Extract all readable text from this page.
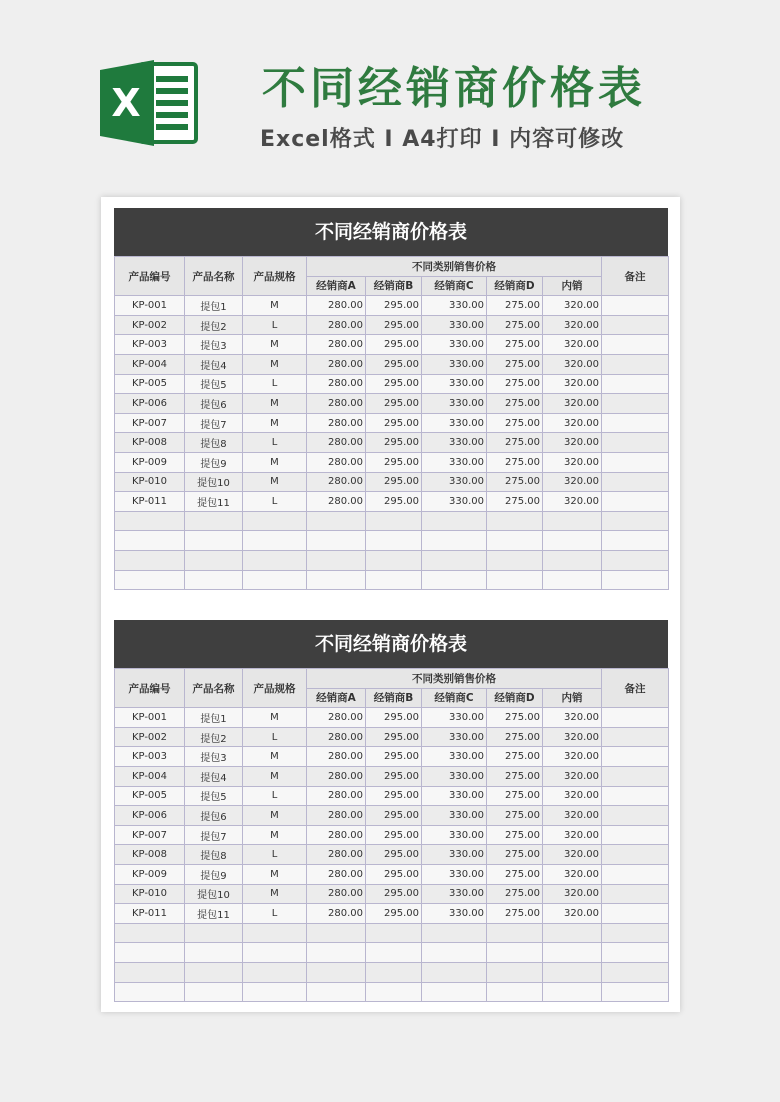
X	不同经销商价格表
Excel格式 I A4打印 I 内容可修改
不同经销商价格表
产品编号	产品名称	产品规格	不同类别销售价格					备注
			经销商A	经销商B	经销商C	经销商D	内销	
KP-001	提包1	M	280.00	295.00	330.00	275.00	320.00	
KP-002	提包2	L	280.00	295.00	330.00	275.00	320.00	
KP-003	提包3	M	280.00	295.00	330.00	275.00	320.00	
KP-004	提包4	M	280.00	295.00	330.00	275.00	320.00	
KP-005	提包5	L	280.00	295.00	330.00	275.00	320.00	
KP-006	提包6	M	280.00	295.00	330.00	275.00	320.00	
KP-007	提包7	M	280.00	295.00	330.00	275.00	320.00	
KP-008	提包8	L	280.00	295.00	330.00	275.00	320.00	
KP-009	提包9	M	280.00	295.00	330.00	275.00	320.00	
KP-010	提包10	M	280.00	295.00	330.00	275.00	320.00	
KP-011	提包11	L	280.00	295.00	330.00	275.00	320.00	

不同经销商价格表
产品编号	产品名称	产品规格	不同类别销售价格					备注
			经销商A	经销商B	经销商C	经销商D	内销	
KP-001	提包1	M	280.00	295.00	330.00	275.00	320.00	
KP-002	提包2	L	280.00	295.00	330.00	275.00	320.00	
KP-003	提包3	M	280.00	295.00	330.00	275.00	320.00	
KP-004	提包4	M	280.00	295.00	330.00	275.00	320.00	
KP-005	提包5	L	280.00	295.00	330.00	275.00	320.00	
KP-006	提包6	M	280.00	295.00	330.00	275.00	320.00	
KP-007	提包7	M	280.00	295.00	330.00	275.00	320.00	
KP-008	提包8	L	280.00	295.00	330.00	275.00	320.00	
KP-009	提包9	M	280.00	295.00	330.00	275.00	320.00	
KP-010	提包10	M	280.00	295.00	330.00	275.00	320.00	
KP-011	提包11	L	280.00	295.00	330.00	275.00	320.00	
